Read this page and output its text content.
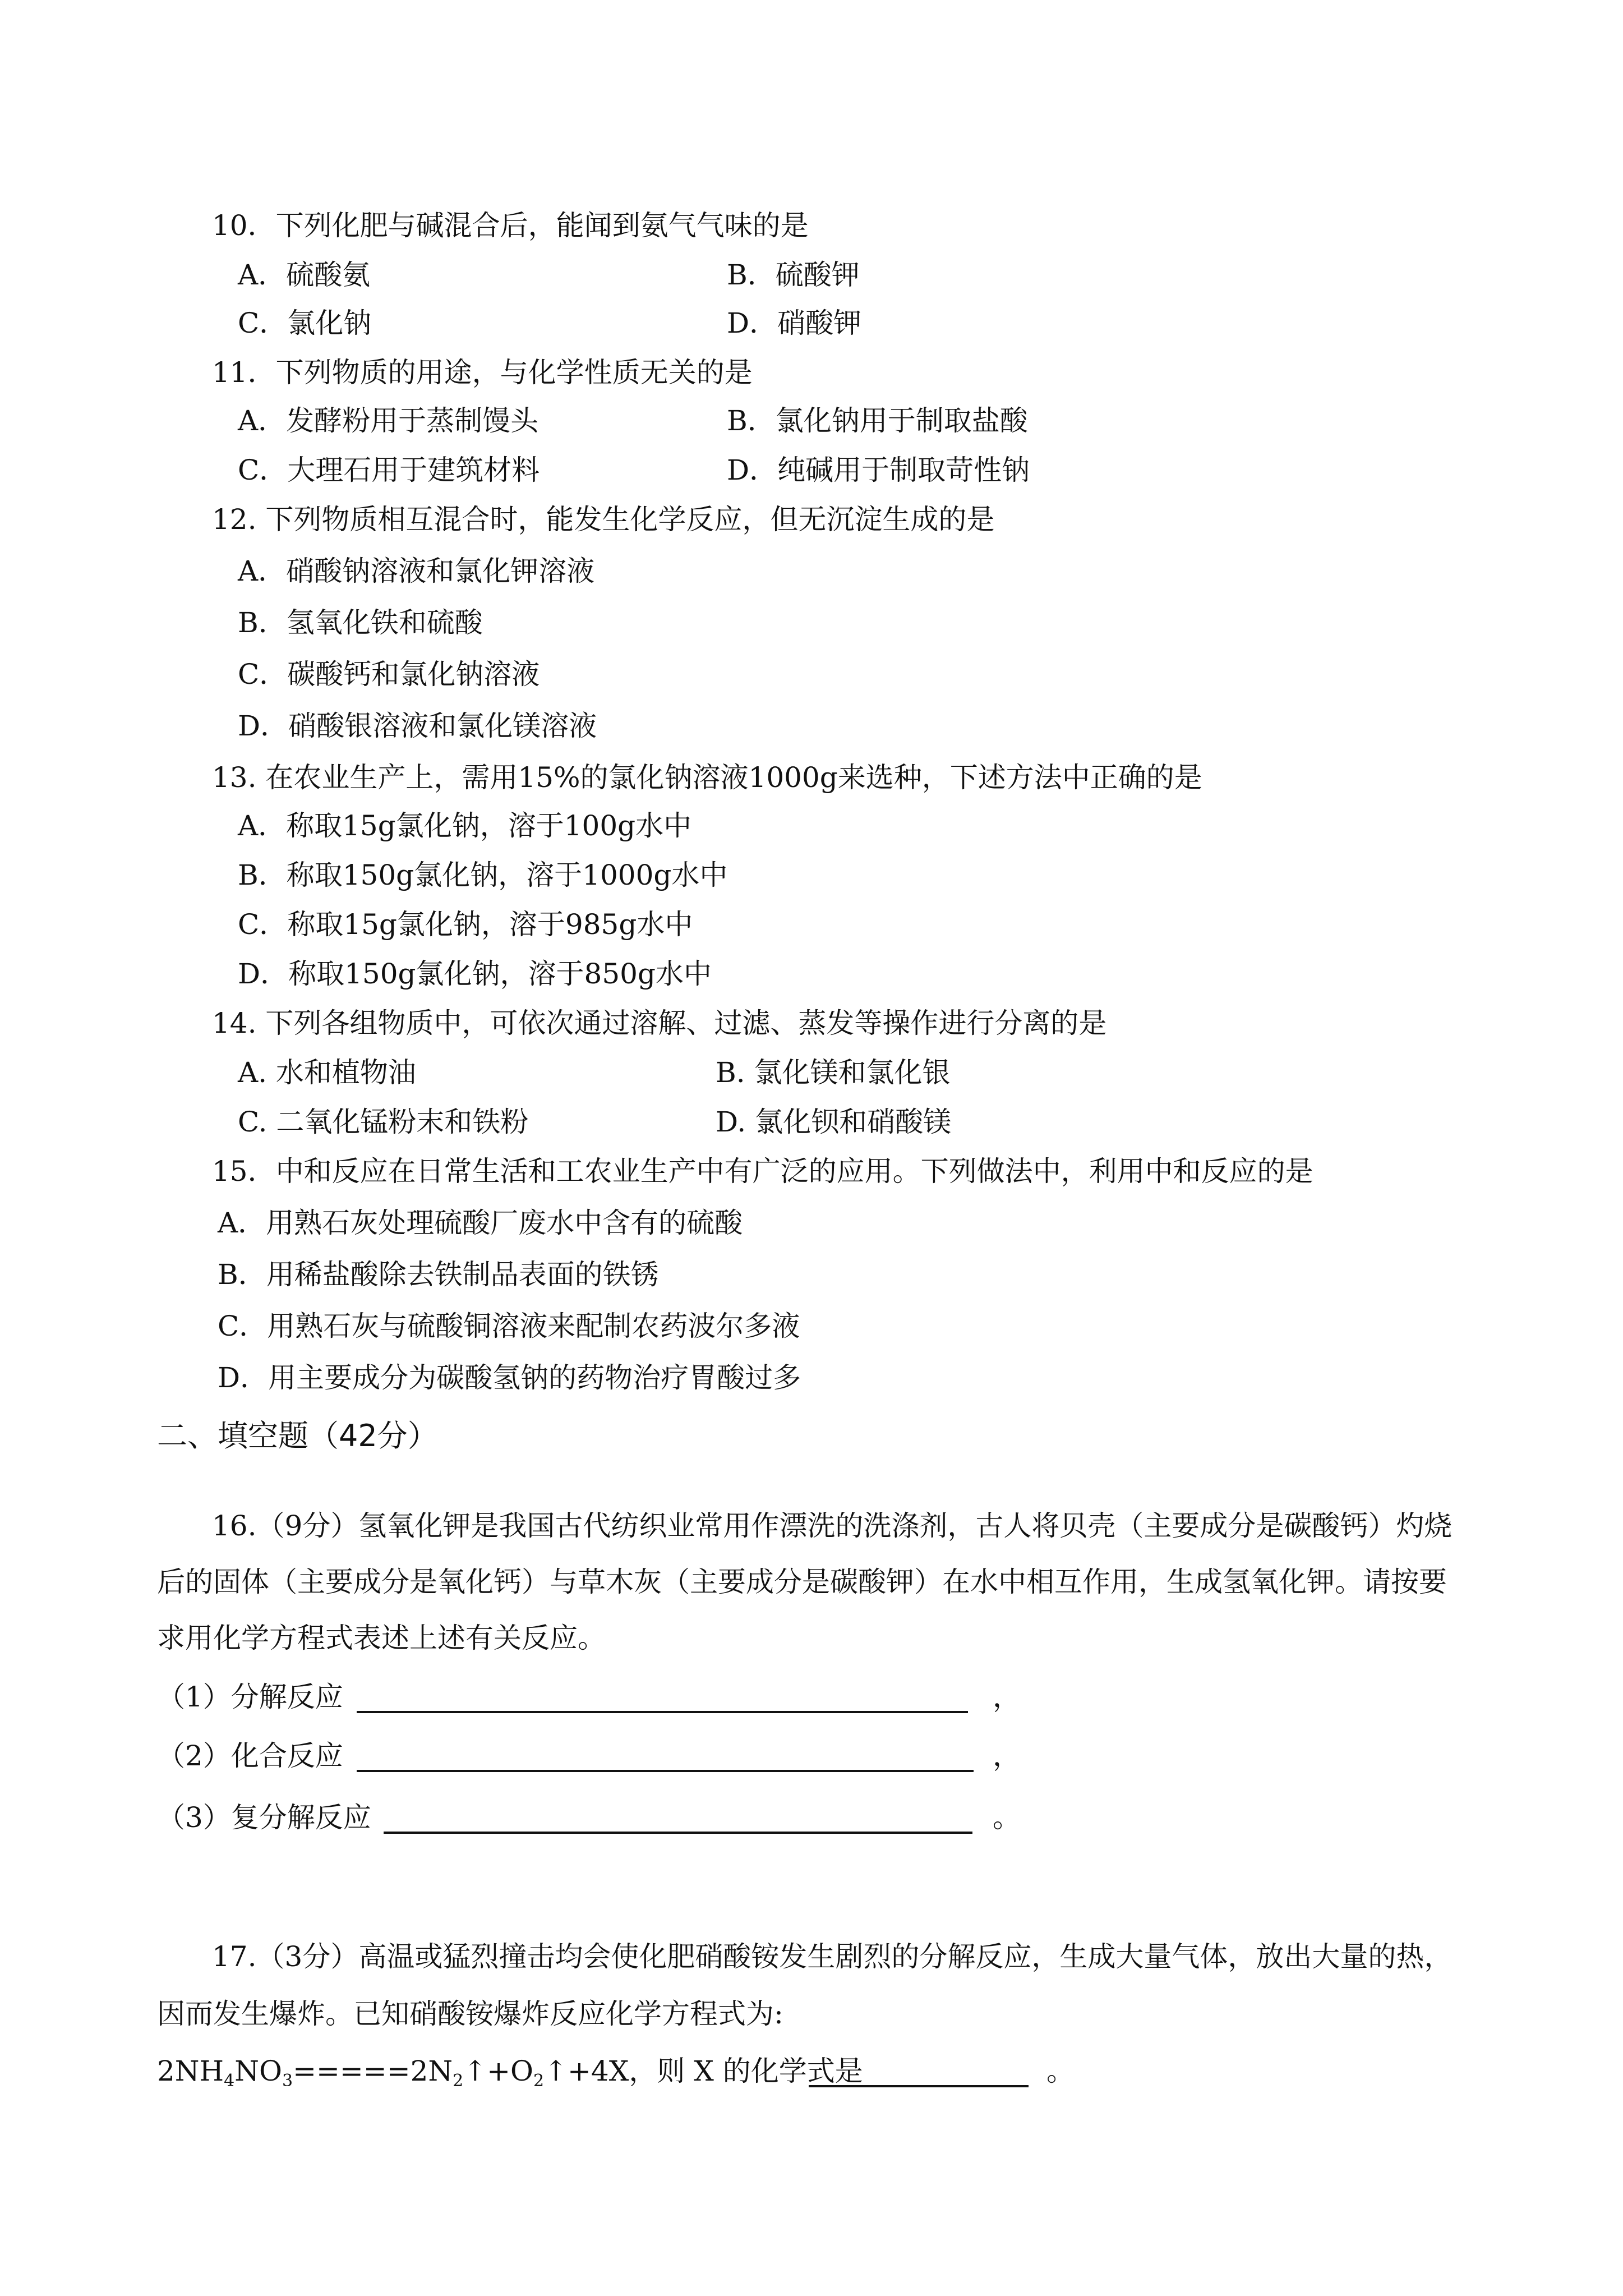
10．下列化肥与碱混合后，能闻到氨气气味的是
A．硫酸氨	B．硫酸钾
C．氯化钠	D．硝酸钾
11．下列物质的用途，与化学性质无关的是
A．发酵粉用于蒸制馒头	B．氯化钠用于制取盐酸
C．大理石用于建筑材料	D．纯碱用于制取苛性钠
12. 下列物质相互混合时，能发生化学反应，但无沉淀生成的是
A．硝酸钠溶液和氯化钾溶液
B．氢氧化铁和硫酸
C．碳酸钙和氯化钠溶液
D．硝酸银溶液和氯化镁溶液
13. 在农业生产上，需用15%的氯化钠溶液1000g来选种，下述方法中正确的是
A．称取15g氯化钠，溶于100g水中
B．称取150g氯化钠，溶于1000g水中
C．称取15g氯化钠，溶于985g水中
D．称取150g氯化钠，溶于850g水中
14. 下列各组物质中，可依次通过溶解、过滤、蒸发等操作进行分离的是
A. 水和植物油	B. 氯化镁和氯化银
C. 二氧化锰粉末和铁粉	D. 氯化钡和硝酸镁
15．中和反应在日常生活和工农业生产中有广泛的应用。下列做法中，利用中和反应的是
A．用熟石灰处理硫酸厂废水中含有的硫酸
B．用稀盐酸除去铁制品表面的铁锈
C．用熟石灰与硫酸铜溶液来配制农药波尔多液
D．用主要成分为碳酸氢钠的药物治疗胃酸过多
二、填空题（42分）
16.（9分）氢氧化钾是我国古代纺织业常用作漂洗的洗涤剂，古人将贝壳（主要成分是碳酸钙）灼烧
后的固体（主要成分是氧化钙）与草木灰（主要成分是碳酸钾）在水中相互作用，生成氢氧化钾。请按要
求用化学方程式表述上述有关反应。
（1）分解反应	，
（2）化合反应	，
（3）复分解反应	。
17.（3分）高温或猛烈撞击均会使化肥硝酸铵发生剧烈的分解反应，生成大量气体，放出大量的热，
因而发生爆炸。已知硝酸铵爆炸反应化学方程式为:
$2NH_4NO_3=====2N_2↑+O_2↑+4X$，则 X 的化学式是	。
